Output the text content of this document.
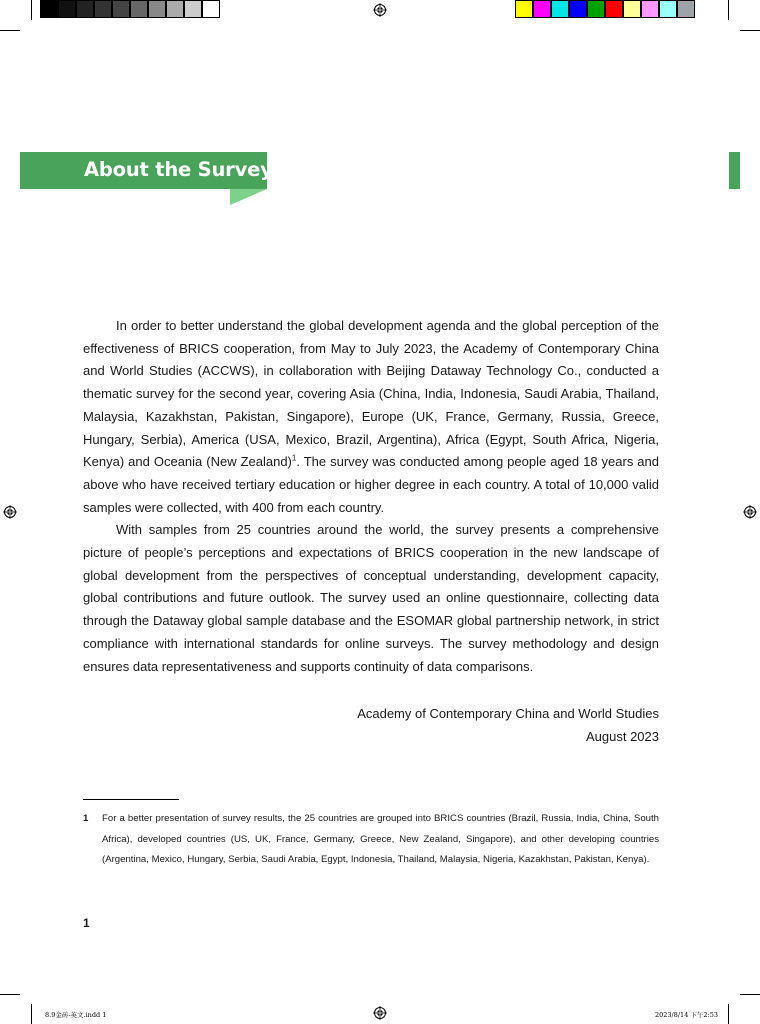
About the Survey

In order to better understand the global development agenda and the global perception of the effectiveness of BRICS cooperation, from May to July 2023, the Academy of Contemporary China and World Studies (ACCWS), in collaboration with Beijing Dataway Technology Co., conducted a thematic survey for the second year, covering Asia (China, India, Indonesia, Saudi Arabia, Thailand, Malaysia, Kazakhstan, Pakistan, Singapore), Europe (UK, France, Germany, Russia, Greece, Hungary, Serbia), America (USA, Mexico, Brazil, Argentina), Africa (Egypt, South Africa, Nigeria, Kenya) and Oceania (New Zealand)$^1$. The survey was conducted among people aged 18 years and above who have received tertiary education or higher degree in each country. A total of 10,000 valid samples were collected, with 400 from each country.

With samples from 25 countries around the world, the survey presents a comprehensive picture of people’s perceptions and expectations of BRICS cooperation in the new landscape of global development from the perspectives of conceptual understanding, development capacity, global contributions and future outlook. The survey used an online questionnaire, collecting data through the Dataway global sample database and the ESOMAR global partnership network, in strict compliance with international standards for online surveys. The survey methodology and design ensures data representativeness and supports continuity of data comparisons.

Academy of Contemporary China and World Studies
August 2023
1 For a better presentation of survey results, the 25 countries are grouped into BRICS countries (Brazil, Russia, India, China, South Africa), developed countries (US, UK, France, Germany, Greece, New Zealand, Singapore), and other developing countries (Argentina, Mexico, Hungary, Serbia, Saudi Arabia, Egypt, Indonesia, Thailand, Malaysia, Nigeria, Kazakhstan, Pakistan, Kenya).
1
8.9金砖-英文.indd 1	2023/8/14 下午2:53
